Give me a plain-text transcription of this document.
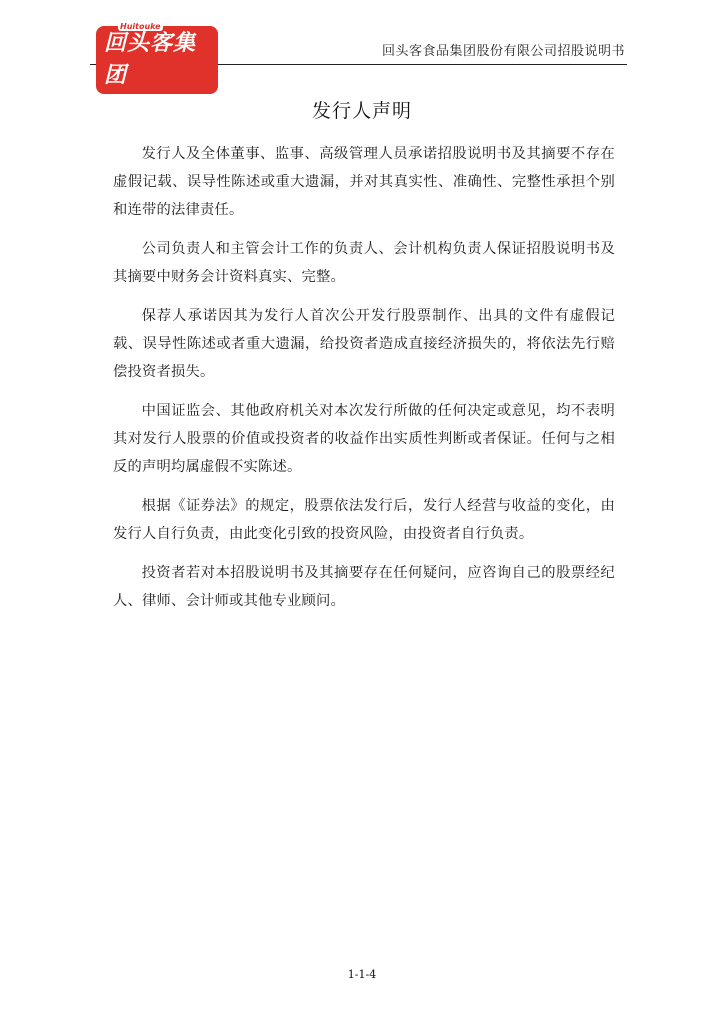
回头客集团
Huitouke
回头客食品集团股份有限公司招股说明书
发行人声明

发行人及全体董事、监事、高级管理人员承诺招股说明书及其摘要不存在虚假记载、误导性陈述或重大遗漏，并对其真实性、准确性、完整性承担个别和连带的法律责任。

公司负责人和主管会计工作的负责人、会计机构负责人保证招股说明书及其摘要中财务会计资料真实、完整。

保荐人承诺因其为发行人首次公开发行股票制作、出具的文件有虚假记载、误导性陈述或者重大遗漏，给投资者造成直接经济损失的，将依法先行赔偿投资者损失。

中国证监会、其他政府机关对本次发行所做的任何决定或意见，均不表明其对发行人股票的价值或投资者的收益作出实质性判断或者保证。任何与之相反的声明均属虚假不实陈述。

根据《证券法》的规定，股票依法发行后，发行人经营与收益的变化，由发行人自行负责，由此变化引致的投资风险，由投资者自行负责。

投资者若对本招股说明书及其摘要存在任何疑问，应咨询自己的股票经纪人、律师、会计师或其他专业顾问。

1-1-4
